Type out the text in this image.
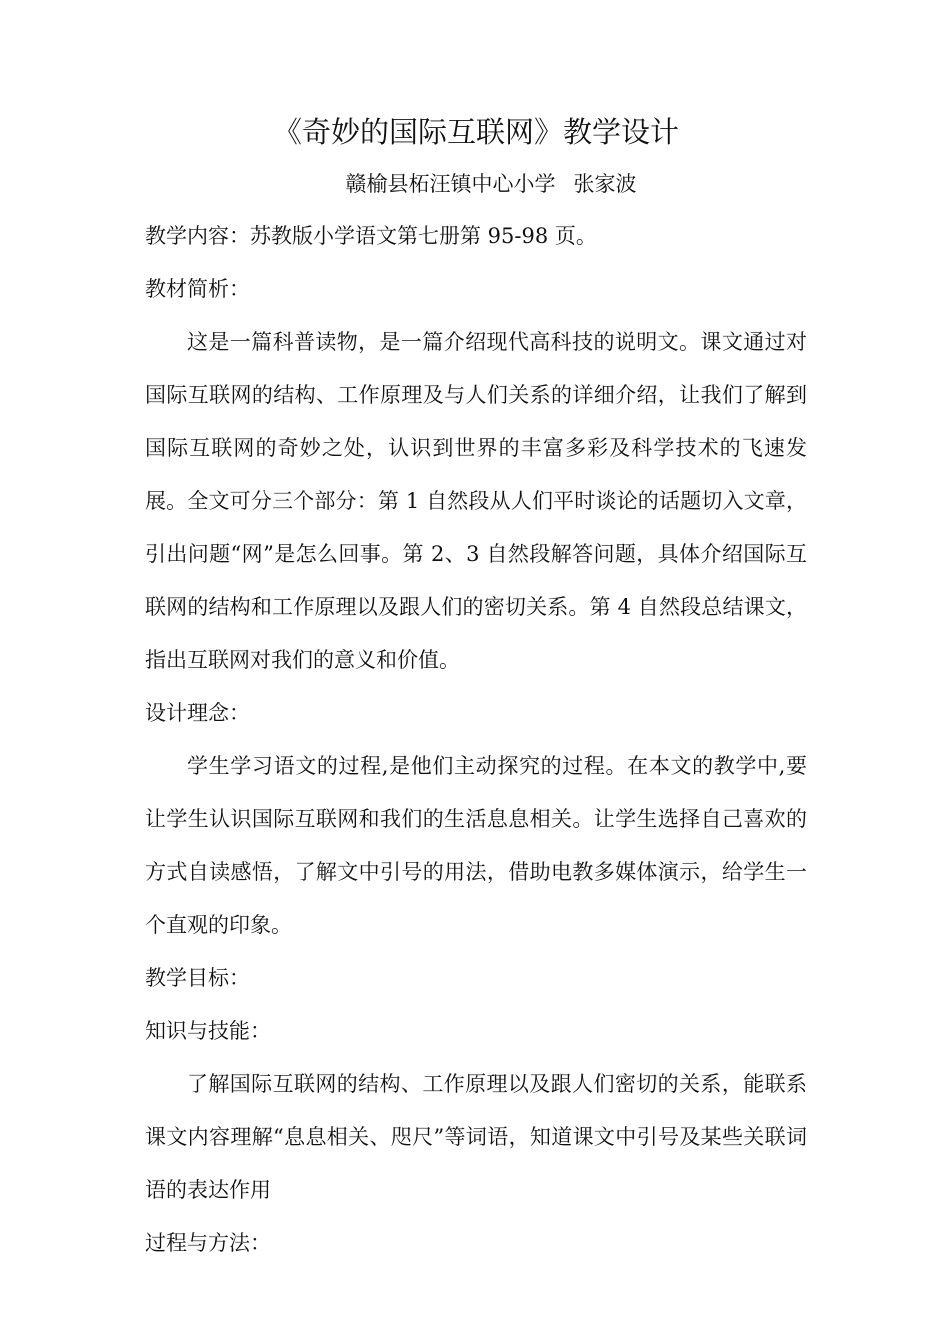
《奇妙的国际互联网》教学设计

赣榆县柘汪镇中心小学 张家波

教学内容：苏教版小学语文第七册第 95-98 页。

教材简析：

这是一篇科普读物，是一篇介绍现代高科技的说明文。课文通过对国际互联网的结构、工作原理及与人们关系的详细介绍，让我们了解到国际互联网的奇妙之处，认识到世界的丰富多彩及科学技术的飞速发展。全文可分三个部分：第 1 自然段从人们平时谈论的话题切入文章，引出问题“网”是怎么回事。第 2、3 自然段解答问题，具体介绍国际互联网的结构和工作原理以及跟人们的密切关系。第 4 自然段总结课文，指出互联网对我们的意义和价值。

设计理念：

学生学习语文的过程,是他们主动探究的过程。在本文的教学中,要让学生认识国际互联网和我们的生活息息相关。让学生选择自己喜欢的方式自读感悟，了解文中引号的用法，借助电教多媒体演示，给学生一个直观的印象。

教学目标：

知识与技能：

了解国际互联网的结构、工作原理以及跟人们密切的关系，能联系课文内容理解“息息相关、咫尺”等词语，知道课文中引号及某些关联词语的表达作用

过程与方法：
